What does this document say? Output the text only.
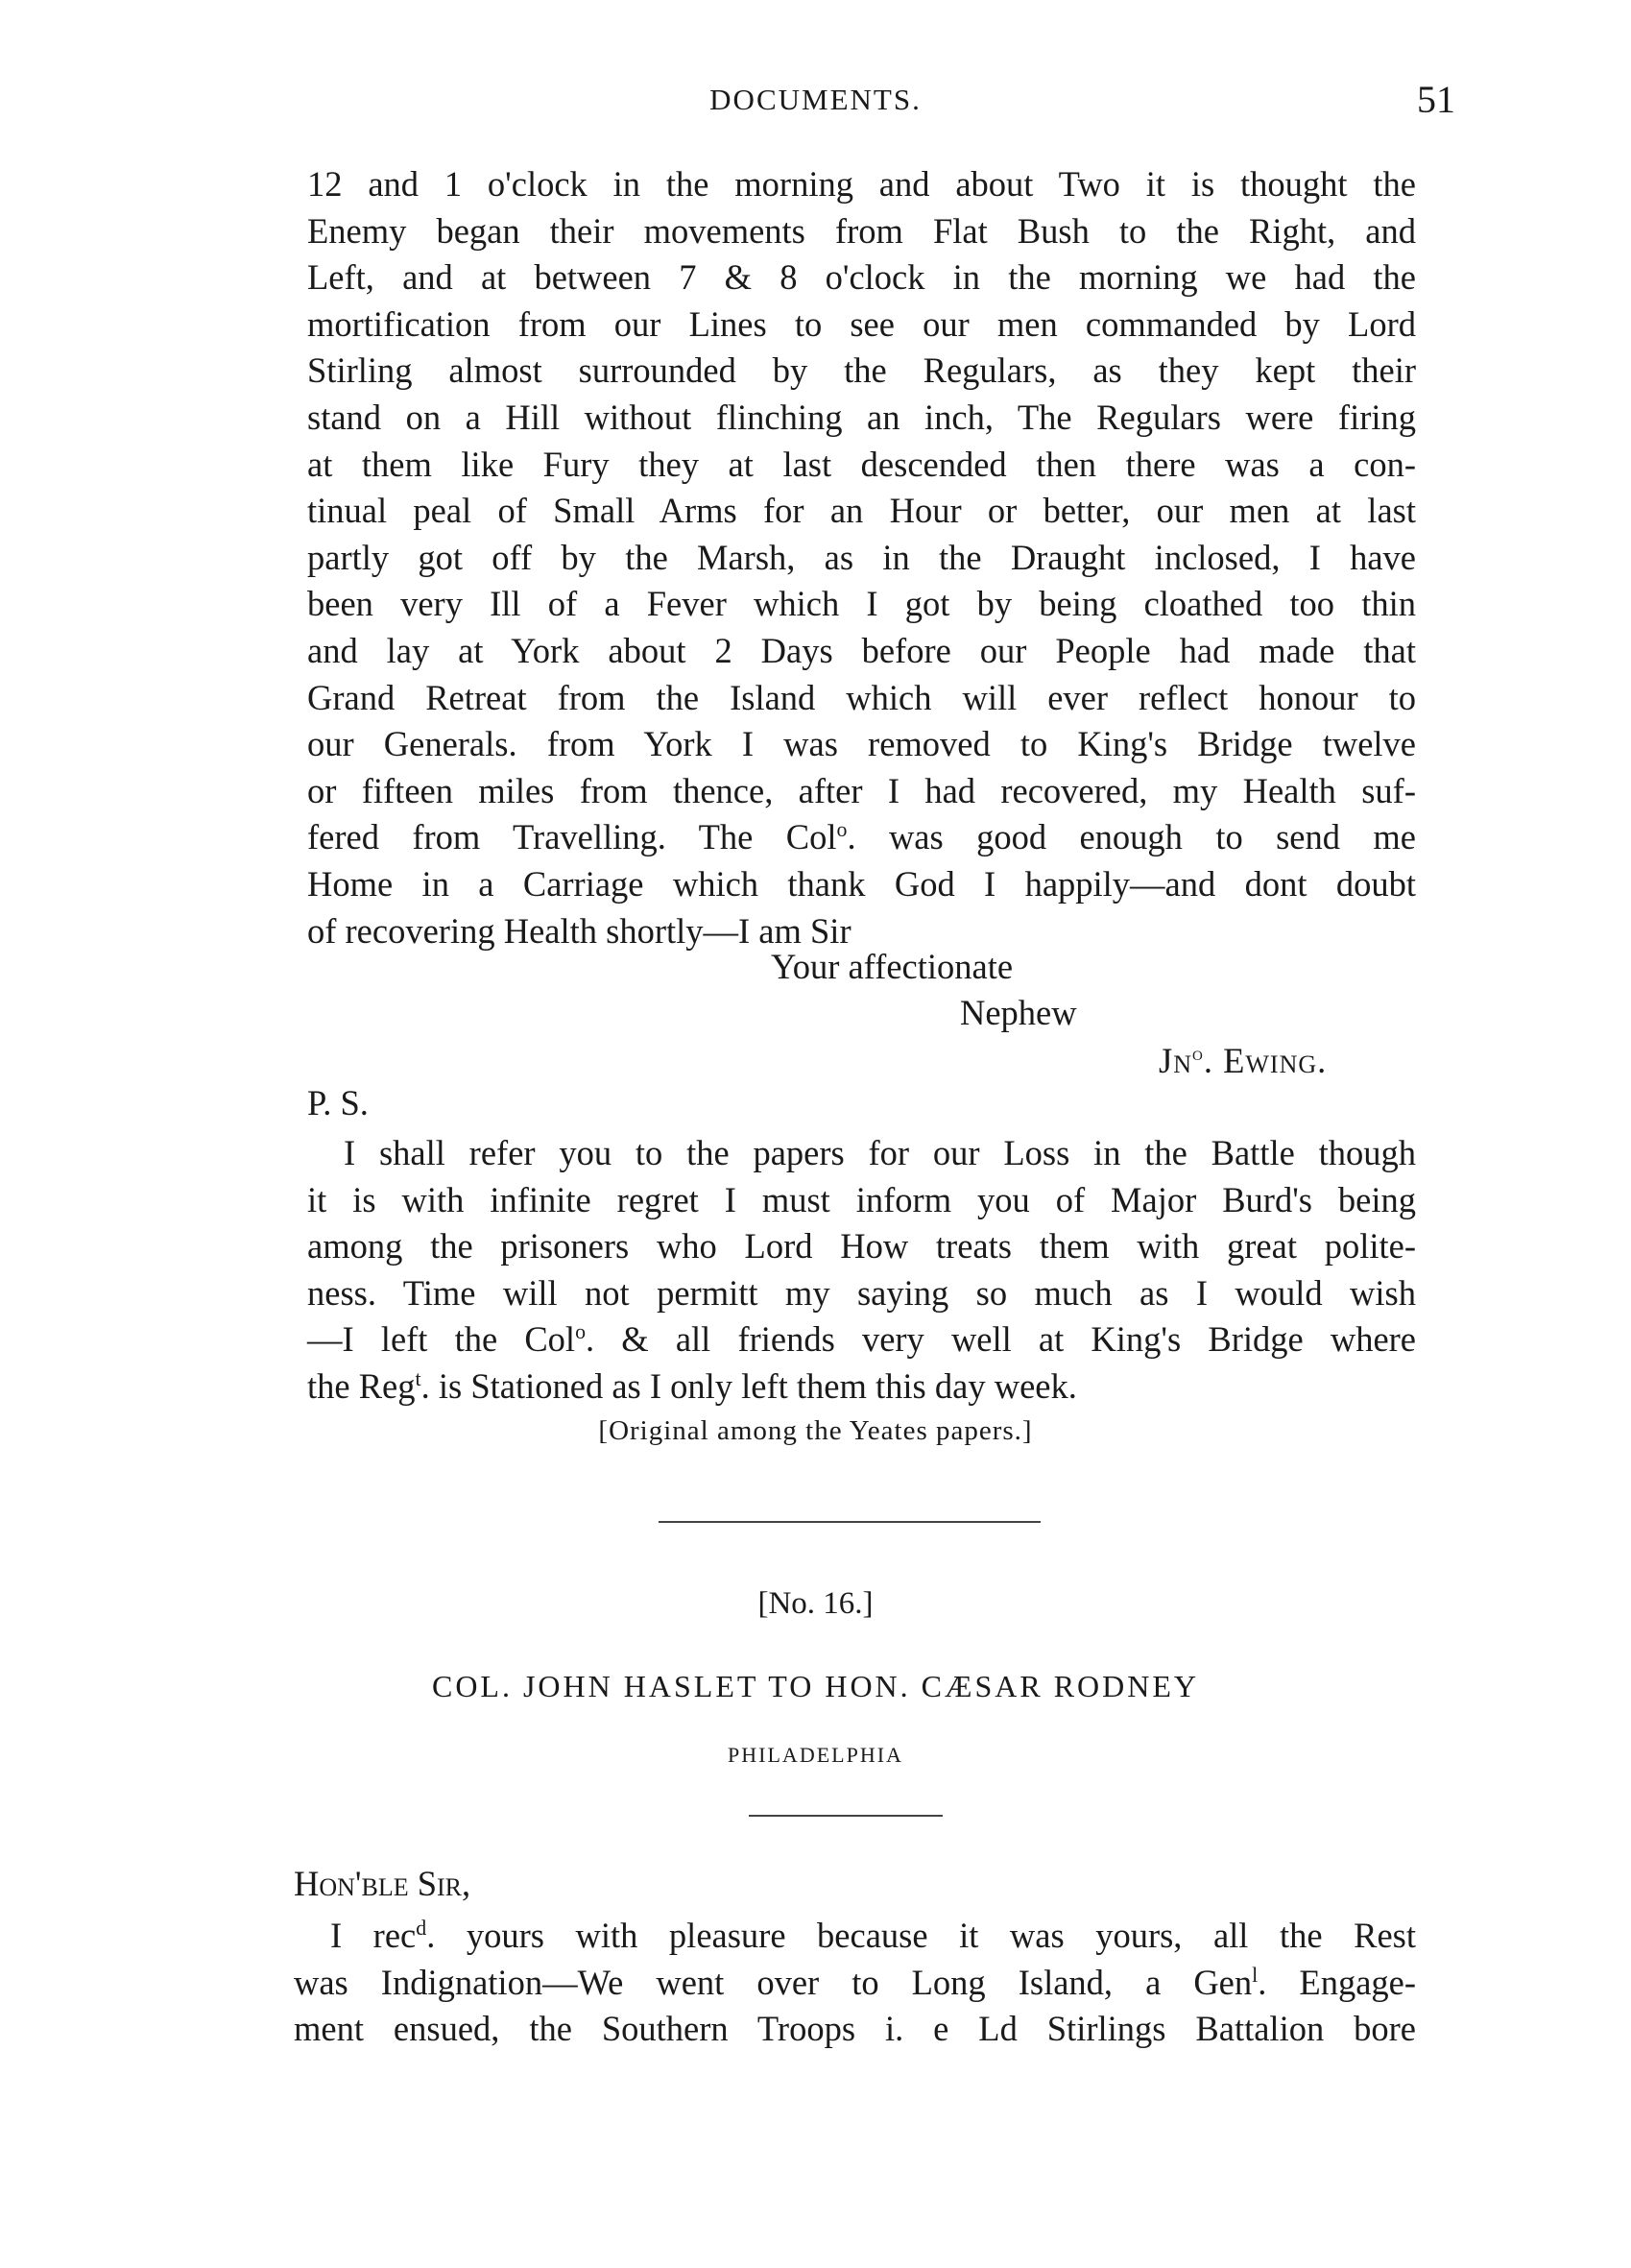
DOCUMENTS.	51
12 and 1 o'clock in the morning and about Two it is thought the
Enemy began their movements from Flat Bush to the Right, and
Left, and at between 7 & 8 o'clock in the morning we had the
mortification from our Lines to see our men commanded by Lord
Stirling almost surrounded by the Regulars, as they kept their
stand on a Hill without flinching an inch, The Regulars were firing
at them like Fury they at last descended then there was a con-
tinual peal of Small Arms for an Hour or better, our men at last
partly got off by the Marsh, as in the Draught inclosed, I have
been very Ill of a Fever which I got by being cloathed too thin
and lay at York about 2 Days before our People had made that
Grand Retreat from the Island which will ever reflect honour to
our Generals. from York I was removed to King's Bridge twelve
or fifteen miles from thence, after I had recovered, my Health suf-
fered from Travelling. The Col$^o$. was good enough to send me
Home in a Carriage which thank God I happily—and dont doubt
of recovering Health shortly—I am Sir
Your affectionate
Nephew
Jn$^o$. Ewing.
P. S.
I shall refer you to the papers for our Loss in the Battle though
it is with infinite regret I must inform you of Major Burd's being
among the prisoners who Lord How treats them with great polite-
ness. Time will not permitt my saying so much as I would wish
—I left the Col$^o$. & all friends very well at King's Bridge where
the Reg$^t$. is Stationed as I only left them this day week.
[Original among the Yeates papers.]
[No. 16.]
COL. JOHN HASLET TO HON. CÆSAR RODNEY
PHILADELPHIA
Hon'ble Sir,
I rec$^d$. yours with pleasure because it was yours, all the Rest
was Indignation—We went over to Long Island, a Gen$^l$. Engage-
ment ensued, the Southern Troops i. e Ld Stirlings Battalion bore
